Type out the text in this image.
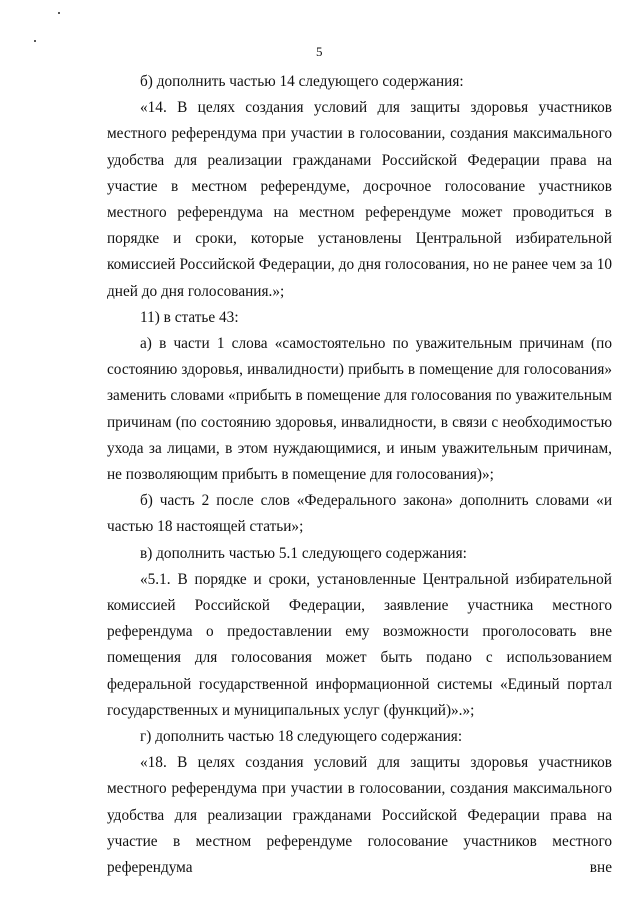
5

б) дополнить частью 14 следующего содержания:

«14. В целях создания условий для защиты здоровья участников местного референдума при участии в голосовании, создания максимального удобства для реализации гражданами Российской Федерации права на участие в местном референдуме, досрочное голосование участников местного референдума на местном референдуме может проводиться в порядке и сроки, которые установлены Центральной избирательной комиссией Российской Федерации, до дня голосования, но не ранее чем за 10 дней до дня голосования.»;

11) в статье 43:

а) в части 1 слова «самостоятельно по уважительным причинам (по состоянию здоровья, инвалидности) прибыть в помещение для голосования» заменить словами «прибыть в помещение для голосования по уважительным причинам (по состоянию здоровья, инвалидности, в связи с необходимостью ухода за лицами, в этом нуждающимися, и иным уважительным причинам, не позволяющим прибыть в помещение для голосования)»;

б) часть 2 после слов «Федерального закона» дополнить словами «и частью 18 настоящей статьи»;

в) дополнить частью 5.1 следующего содержания:

«5.1. В порядке и сроки, установленные Центральной избирательной комиссией Российской Федерации, заявление участника местного референдума о предоставлении ему возможности проголосовать вне помещения для голосования может быть подано с использованием федеральной государственной информационной системы «Единый портал государственных и муниципальных услуг (функций)».»;

г) дополнить частью 18 следующего содержания:

«18. В целях создания условий для защиты здоровья участников местного референдума при участии в голосовании, создания максимального удобства для реализации гражданами Российской Федерации права на участие в местном референдуме голосование участников местного референдума вне
